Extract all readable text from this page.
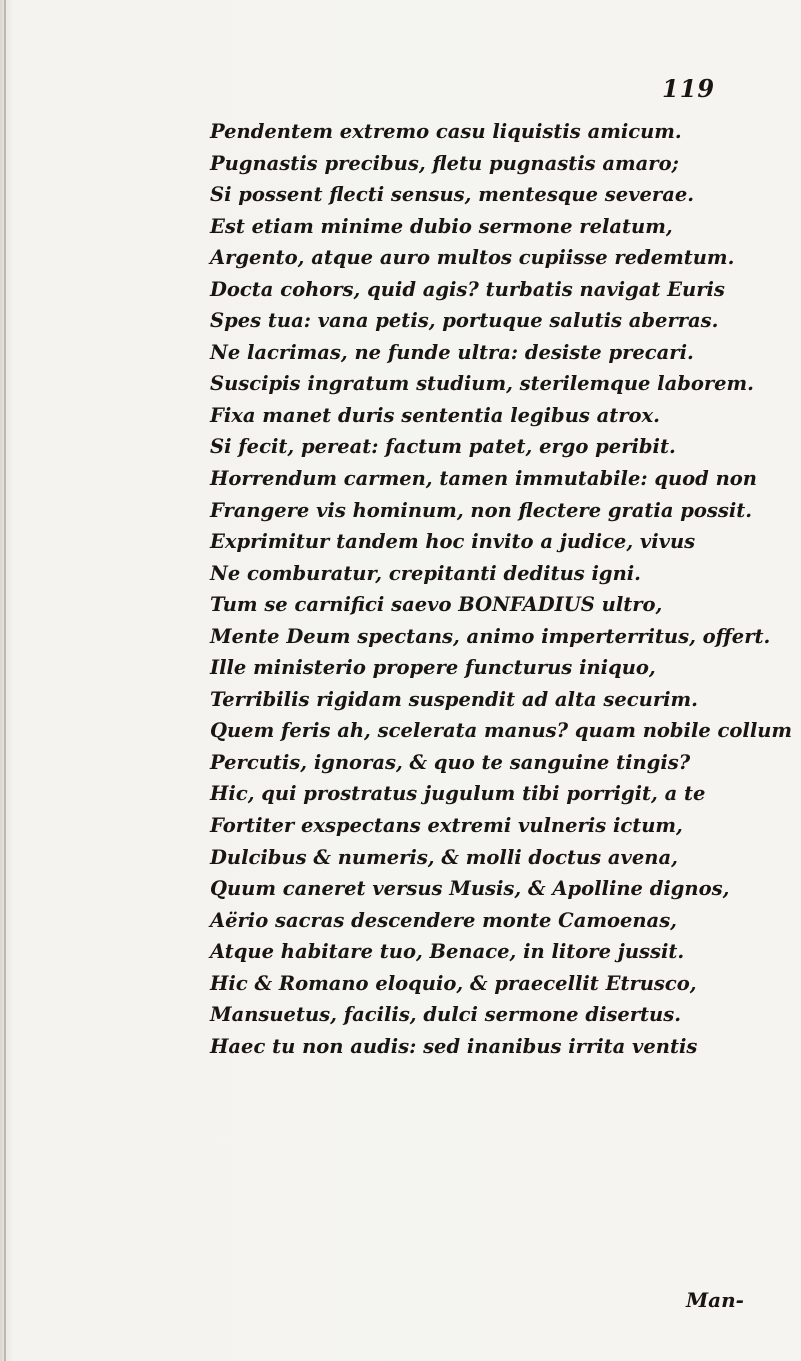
119
Pendentem extremo casu liquistis amicum.
Pugnastis precibus, fletu pugnastis amaro;
Si possent flecti sensus, mentesque severae.
Est etiam minime dubio sermone relatum,
Argento, atque auro multos cupiisse redemtum.
Docta cohors, quid agis? turbatis navigat Euris
Spes tua: vana petis, portuque salutis aberras.
Ne lacrimas, ne funde ultra: desiste precari.
Suscipis ingratum studium, sterilemque laborem.
Fixa manet duris sententia legibus atrox.
Si fecit, pereat: factum patet, ergo peribit.
Horrendum carmen, tamen immutabile: quod non
Frangere vis hominum, non flectere gratia possit.
Exprimitur tandem hoc invito a judice, vivus
Ne comburatur, crepitanti deditus igni.
Tum se carnifici saevo BONFADIUS ultro,
Mente Deum spectans, animo imperterritus, offert.
Ille ministerio propere functurus iniquo,
Terribilis rigidam suspendit ad alta securim.
Quem feris ah, scelerata manus? quam nobile collum
Percutis, ignoras, & quo te sanguine tingis?
Hic, qui prostratus jugulum tibi porrigit, a te
Fortiter exspectans extremi vulneris ictum,
Dulcibus & numeris, & molli doctus avena,
Quum caneret versus Musis, & Apolline dignos,
Aërio sacras descendere monte Camoenas,
Atque habitare tuo, Benace, in litore jussit.
Hic & Romano eloquio, & praecellit Etrusco,
Mansuetus, facilis, dulci sermone disertus.
Haec tu non audis: sed inanibus irrita ventis
Man-
